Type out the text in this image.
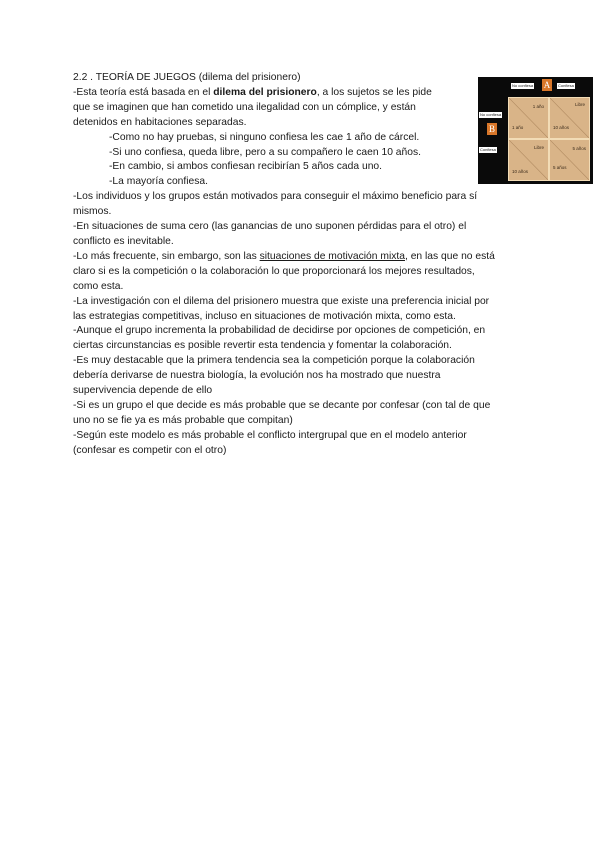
2.2 . TEORÍA DE JUEGOS (dilema del prisionero)

-Esta teoría está basada en el dilema del prisionero, a los sujetos se les pide

que se imaginen que han cometido una ilegalidad con un cómplice, y están

detenidos en habitaciones separadas.

-Como no hay pruebas, si ninguno confiesa les cae 1 año de cárcel.

-Si uno confiesa, queda libre, pero a su compañero le caen 10 años.

-En cambio, si ambos confiesan recibirían 5 años cada uno.

-La mayoría confiesa.

-Los individuos y los grupos están motivados para conseguir el máximo beneficio para sí

mismos.

-En situaciones de suma cero (las ganancias de uno suponen pérdidas para el otro) el

conflicto es inevitable.

-Lo más frecuente, sin embargo, son las situaciones de motivación mixta, en las que no está

claro si es la competición o la colaboración lo que proporcionará los mejores resultados,

como esta.

-La investigación con el dilema del prisionero muestra que existe una preferencia inicial por

las estrategias competitivas, incluso en situaciones de motivación mixta, como esta.

-Aunque el grupo incrementa la probabilidad de decidirse por opciones de competición, en

ciertas circunstancias es posible revertir esta tendencia y fomentar la colaboración.

-Es muy destacable que la primera tendencia sea la competición porque la colaboración

debería derivarse de nuestra biología, la evolución nos ha mostrado que nuestra

supervivencia depende de ello

-Si es un grupo el que decide es más probable que se decante por confesar (con tal de que

uno no se fie ya es más probable que compitan)

-Según este modelo es más probable el conflicto intergrupal que en el modelo anterior

(confesar es competir con el otro)

No confiesa A	Confiesa
No confiesa
B
Confiesa
1 año
1 año
Libre
10 años
Libre
10 años
5 años
5 años
